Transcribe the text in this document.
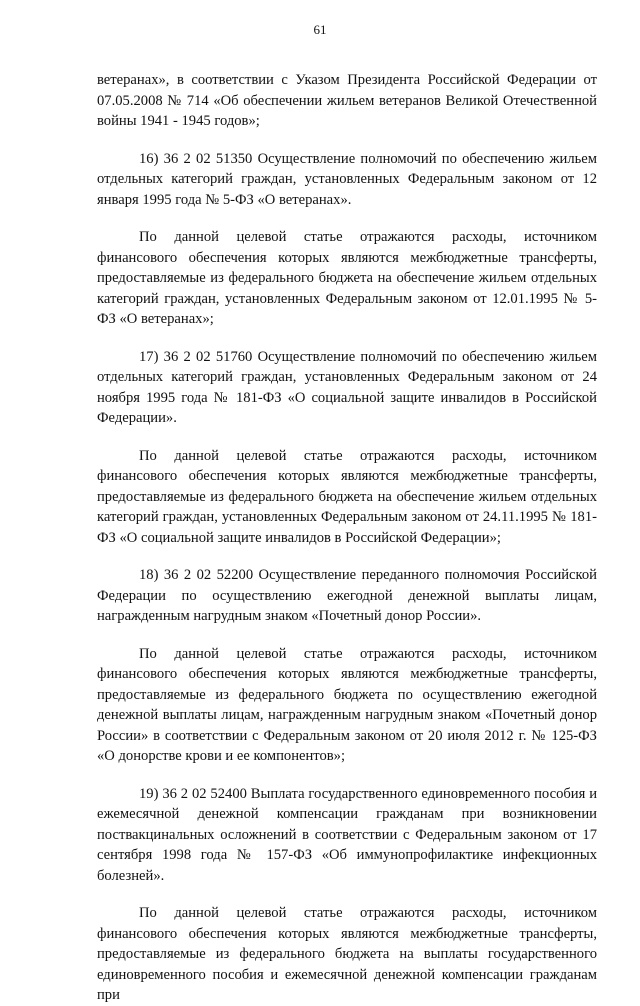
61

ветеранах», в соответствии с Указом Президента Российской Федерации от 07.05.2008 № 714 «Об обеспечении жильем ветеранов Великой Отечественной войны 1941 - 1945 годов»;

16) 36 2 02 51350 Осуществление полномочий по обеспечению жильем отдельных категорий граждан, установленных Федеральным законом от 12 января 1995 года № 5-ФЗ «О ветеранах».

По данной целевой статье отражаются расходы, источником финансового обеспечения которых являются межбюджетные трансферты, предоставляемые из федерального бюджета на обеспечение жильем отдельных категорий граждан, установленных Федеральным законом от 12.01.1995 № 5-ФЗ «О ветеранах»;

17) 36 2 02 51760 Осуществление полномочий по обеспечению жильем отдельных категорий граждан, установленных Федеральным законом от 24 ноября 1995 года № 181-ФЗ «О социальной защите инвалидов в Российской Федерации».

По данной целевой статье отражаются расходы, источником финансового обеспечения которых являются межбюджетные трансферты, предоставляемые из федерального бюджета на обеспечение жильем отдельных категорий граждан, установленных Федеральным законом от 24.11.1995 № 181-ФЗ «О социальной защите инвалидов в Российской Федерации»;

18) 36 2 02 52200 Осуществление переданного полномочия Российской Федерации по осуществлению ежегодной денежной выплаты лицам, награжденным нагрудным знаком «Почетный донор России».

По данной целевой статье отражаются расходы, источником финансового обеспечения которых являются межбюджетные трансферты, предоставляемые из федерального бюджета по осуществлению ежегодной денежной выплаты лицам, награжденным нагрудным знаком «Почетный донор России» в соответствии с Федеральным законом от 20 июля 2012 г. № 125-ФЗ «О донорстве крови и ее компонентов»;

19) 36 2 02 52400 Выплата государственного единовременного пособия и ежемесячной денежной компенсации гражданам при возникновении поствакцинальных осложнений в соответствии с Федеральным законом от 17 сентября 1998 года № 157-ФЗ «Об иммунопрофилактике инфекционных болезней».

По данной целевой статье отражаются расходы, источником финансового обеспечения которых являются межбюджетные трансферты, предоставляемые из федерального бюджета на выплаты государственного единовременного пособия и ежемесячной денежной компенсации гражданам при
